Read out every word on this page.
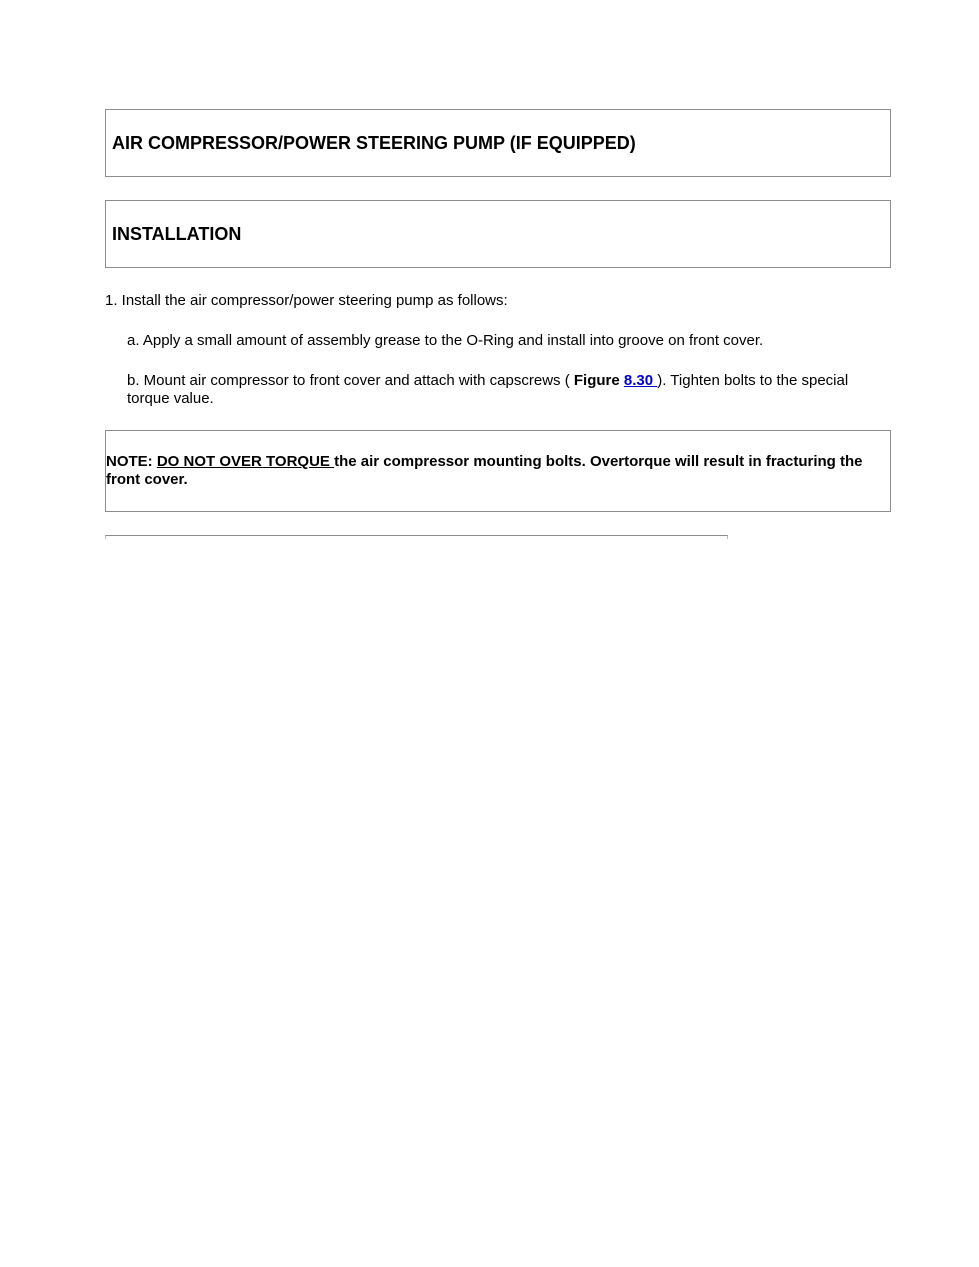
AIR COMPRESSOR/POWER STEERING PUMP (IF EQUIPPED)
INSTALLATION

1. Install the air compressor/power steering pump as follows:

a. Apply a small amount of assembly grease to the O-Ring and install into groove on front cover.

b. Mount air compressor to front cover and attach with capscrews ( Figure 8.30 ). Tighten bolts to the special torque value.

NOTE: DO NOT OVER TORQUE the air compressor mounting bolts. Overtorque will result in fracturing the front cover.
